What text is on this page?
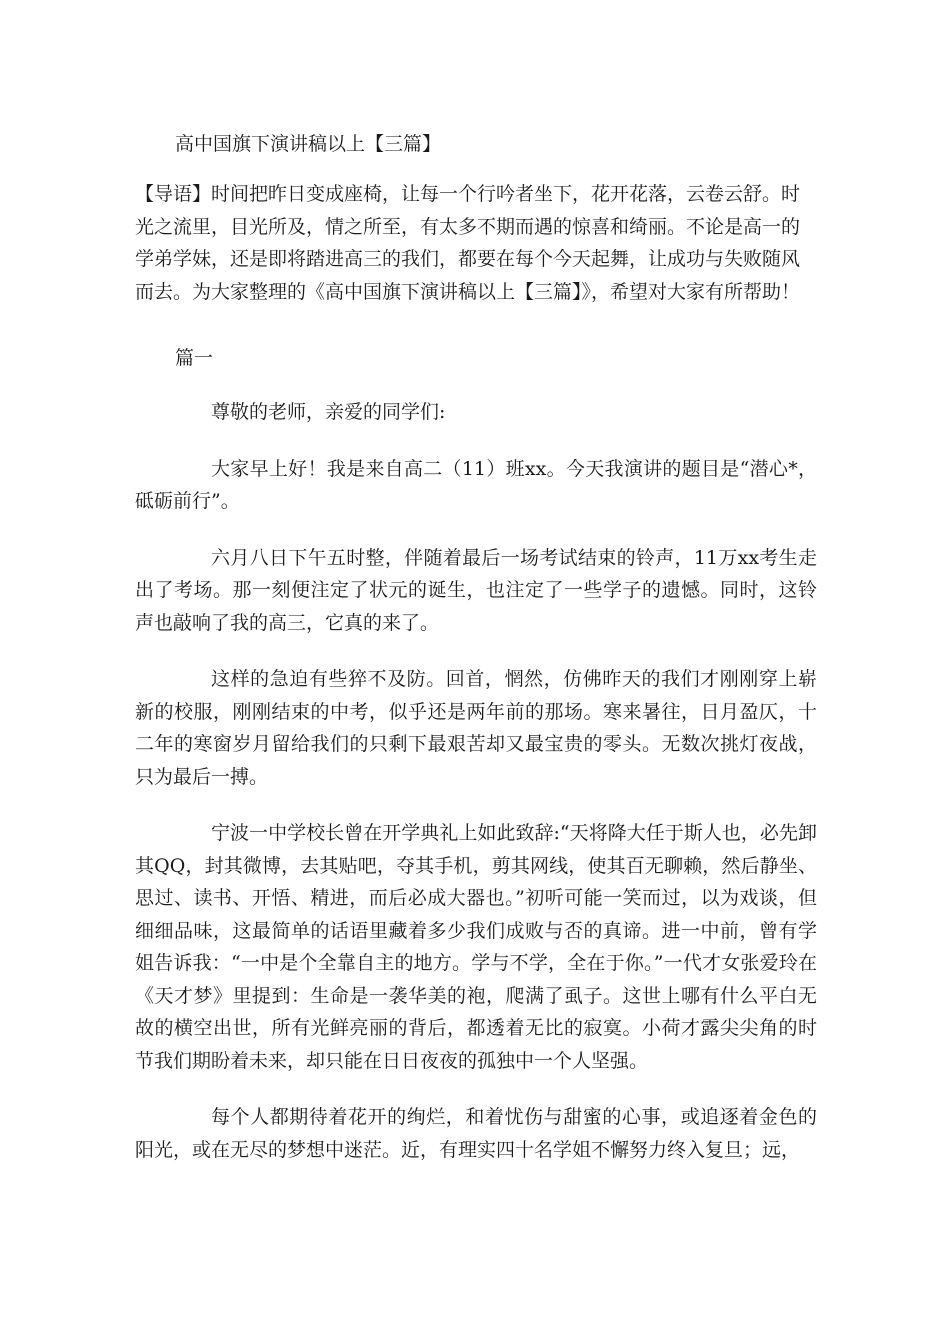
高中国旗下演讲稿以上【三篇】

【导语】时间把昨日变成座椅，让每一个行吟者坐下，花开花落，云卷云舒。时光之流里，目光所及，情之所至，有太多不期而遇的惊喜和绮丽。不论是高一的学弟学妹，还是即将踏进高三的我们，都要在每个今天起舞，让成功与失败随风而去。为大家整理的《高中国旗下演讲稿以上【三篇】》，希望对大家有所帮助！

篇一

尊敬的老师，亲爱的同学们:

大家早上好！我是来自高二（11）班xx。今天我演讲的题目是“潜心*，砥砺前行”。

六月八日下午五时整，伴随着最后一场考试结束的铃声，11万xx考生走出了考场。那一刻便注定了状元的诞生，也注定了一些学子的遗憾。同时，这铃声也敲响了我的高三，它真的来了。

这样的急迫有些猝不及防。回首，惘然，仿佛昨天的我们才刚刚穿上崭新的校服，刚刚结束的中考，似乎还是两年前的那场。寒来暑往，日月盈仄，十二年的寒窗岁月留给我们的只剩下最艰苦却又最宝贵的零头。无数次挑灯夜战，只为最后一搏。

宁波一中学校长曾在开学典礼上如此致辞:“天将降大任于斯人也，必先卸其QQ，封其微博，去其贴吧，夺其手机，剪其网线，使其百无聊赖，然后静坐、思过、读书、开悟、精进，而后必成大器也。”初听可能一笑而过，以为戏谈，但细细品味，这最简单的话语里藏着多少我们成败与否的真谛。进一中前，曾有学姐告诉我：“一中是个全靠自主的地方。学与不学，全在于你。”一代才女张爱玲在《天才梦》里提到：生命是一袭华美的袍，爬满了虱子。这世上哪有什么平白无故的横空出世，所有光鲜亮丽的背后，都透着无比的寂寞。小荷才露尖尖角的时节我们期盼着未来，却只能在日日夜夜的孤独中一个人坚强。

每个人都期待着花开的绚烂，和着忧伤与甜蜜的心事，或追逐着金色的阳光，或在无尽的梦想中迷茫。近，有理实四十名学姐不懈努力终入复旦；远，
